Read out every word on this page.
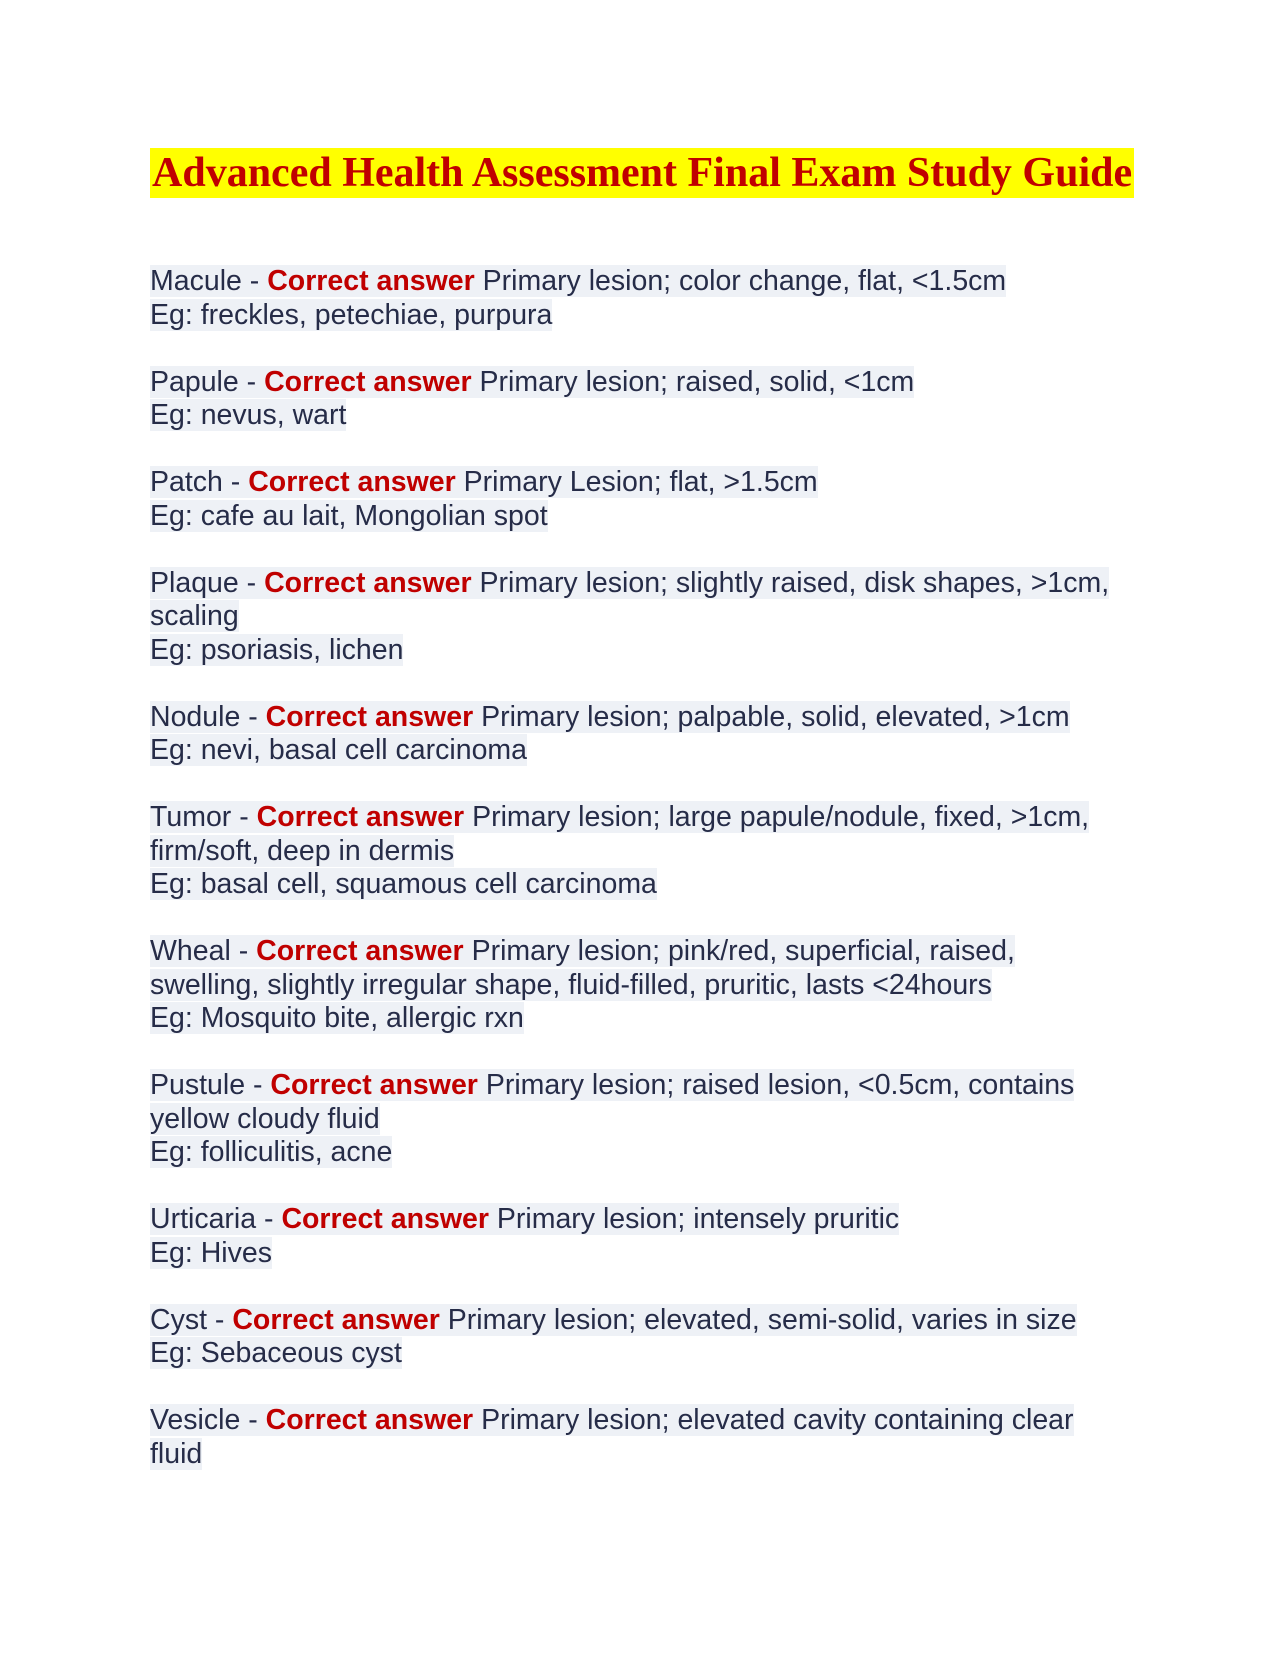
Advanced Health Assessment Final Exam Study Guide
Macule - Correct answer Primary lesion; color change, flat, <1.5cm
Eg: freckles, petechiae, purpura
Papule - Correct answer Primary lesion; raised, solid, <1cm
Eg: nevus, wart
Patch - Correct answer Primary Lesion; flat, >1.5cm
Eg: cafe au lait, Mongolian spot
Plaque - Correct answer Primary lesion; slightly raised, disk shapes, >1cm, scaling
Eg: psoriasis, lichen
Nodule - Correct answer Primary lesion; palpable, solid, elevated, >1cm
Eg: nevi, basal cell carcinoma
Tumor - Correct answer Primary lesion; large papule/nodule, fixed, >1cm, firm/soft, deep in dermis
Eg: basal cell, squamous cell carcinoma
Wheal - Correct answer Primary lesion; pink/red, superficial, raised, swelling, slightly irregular shape, fluid-filled, pruritic, lasts <24hours
Eg: Mosquito bite, allergic rxn
Pustule - Correct answer Primary lesion; raised lesion, <0.5cm, contains yellow cloudy fluid
Eg: folliculitis, acne
Urticaria - Correct answer Primary lesion; intensely pruritic
Eg: Hives
Cyst - Correct answer Primary lesion; elevated, semi-solid, varies in size
Eg: Sebaceous cyst
Vesicle - Correct answer Primary lesion; elevated cavity containing clear fluid
